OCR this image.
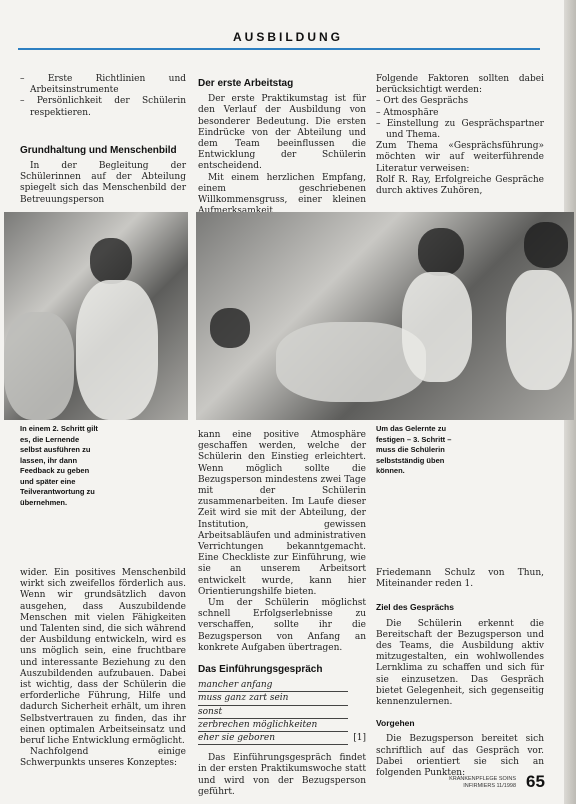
AUSBILDUNG
– Erste Richtlinien und Arbeitsinstrumente
– Persönlichkeit der Schülerin respektieren.
Grundhaltung und Menschenbild

In der Begleitung der Schülerinnen auf der Abteilung spiegelt sich das Menschenbild der Betreuungsperson

Der erste Arbeitstag

Der erste Praktikumstag ist für den Verlauf der Ausbildung von besonderer Bedeutung. Die ersten Eindrücke von der Abteilung und dem Team beeinflussen die Entwicklung der Schülerin entscheidend.

Mit einem herzlichen Empfang, einem geschriebenen Willkommensgruss, einer kleinen

Folgende Faktoren sollten dabei berücksichtigt werden:

– Ort des Gesprächs
– Atmosphäre
– Einstellung zu Gesprächspartner und Thema.

Zum Thema «Gesprächsführung» möchten wir auf weiterführende Literatur verweisen:

Rolf R. Ray, Erfolgreiche Gespräche durch aktives Zuhören,

In einem 2. Schritt gilt es, die Lernende selbst ausführen zu lassen, ihr dann Feedback zu geben und später eine Teilverantwortung zu übernehmen.
Um das Gelernte zu festigen – 3. Schritt – muss die Schülerin selbstständig üben können.

kann eine positive Atmosphäre geschaffen werden, welche der Schülerin den Einstieg erleichtert. Wenn möglich sollte die Bezugsperson mindestens zwei Tage mit der Schülerin zusammenarbeiten. Im Laufe dieser Zeit wird sie mit der Abteilung, der Institution, gewissen Arbeitsabläufen und administrativen Verrichtungen bekanntgemacht. Eine Checkliste zur Einführung, wie sie an unserem Arbeitsort entwickelt wurde, kann hier Orientierungshilfe bieten.

Um der Schülerin möglichst schnell Erfolgserlebnisse zu verschaffen, sollte ihr die Bezugsperson von Anfang an konkrete Aufgaben übertragen.

Das Einführungsgespräch
mancher anfang
muss ganz zart sein
sonst
zerbrechen möglichkeiten
eher sie geboren	[1]

Das Einführungsgespräch findet in der ersten Praktikumswoche statt und wird von der Bezugsperson geführt.

wider. Ein positives Menschenbild wirkt sich zweifellos förderlich aus. Wenn wir grundsätzlich davon ausgehen, dass Auszubildende Menschen mit vielen Fähigkeiten und Talenten sind, die sich während der Ausbildung entwickeln, wird es uns möglich sein, eine fruchtbare und interessante Beziehung zu den Auszubildenden aufzubauen. Dabei ist wichtig, dass der Schülerin die erforderliche Führung, Hilfe und dadurch Sicherheit erhält, um ihren Selbstvertrauen zu finden, das ihr einen optimalen Arbeitseinsatz und beruf liche Entwicklung ermöglicht.

Nachfolgend einige Schwerpunkts unseres Konzeptes:

Friedemann Schulz von Thun, Miteinander reden 1.

Ziel des Gesprächs

Die Schülerin erkennt die Bereitschaft der Bezugsperson und des Teams, die Ausbildung aktiv mitzugestalten, ein wohlwollendes Lernklima zu schaffen und sich für sie einzusetzen. Das Gespräch bietet Gelegenheit, sich gegenseitig kennenzulernen.

Vorgehen

Die Bezugsperson bereitet sich schriftlich auf das Gespräch vor. Dabei orientiert sie sich an folgenden Punkten:

KRANKENPFLEGE SOINS
INFIRMIERS 11/1998 65
